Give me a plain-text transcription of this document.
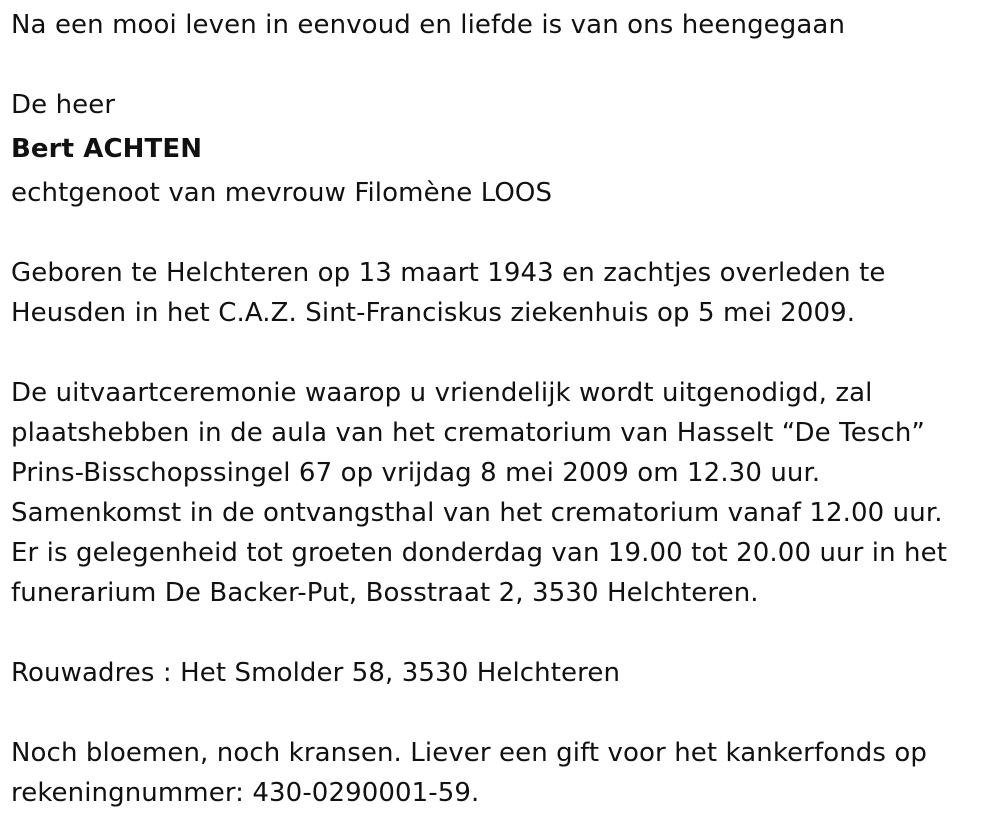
Na een mooi leven in eenvoud en liefde is van ons heengegaan
De heer
Bert ACHTEN
echtgenoot van mevrouw Filomène LOOS
Geboren te Helchteren op 13 maart 1943 en zachtjes overleden te
Heusden in het C.A.Z. Sint-Franciskus ziekenhuis op 5 mei 2009.
De uitvaartceremonie waarop u vriendelijk wordt uitgenodigd, zal
plaatshebben in de aula van het crematorium van Hasselt “De Tesch”
Prins-Bisschopssingel 67 op vrijdag 8 mei 2009 om 12.30 uur.
Samenkomst in de ontvangsthal van het crematorium vanaf 12.00 uur.
Er is gelegenheid tot groeten donderdag van 19.00 tot 20.00 uur in het
funerarium De Backer-Put, Bosstraat 2, 3530 Helchteren.
Rouwadres : Het Smolder 58, 3530 Helchteren
Noch bloemen, noch kransen. Liever een gift voor het kankerfonds op
rekeningnummer: 430-0290001-59.
